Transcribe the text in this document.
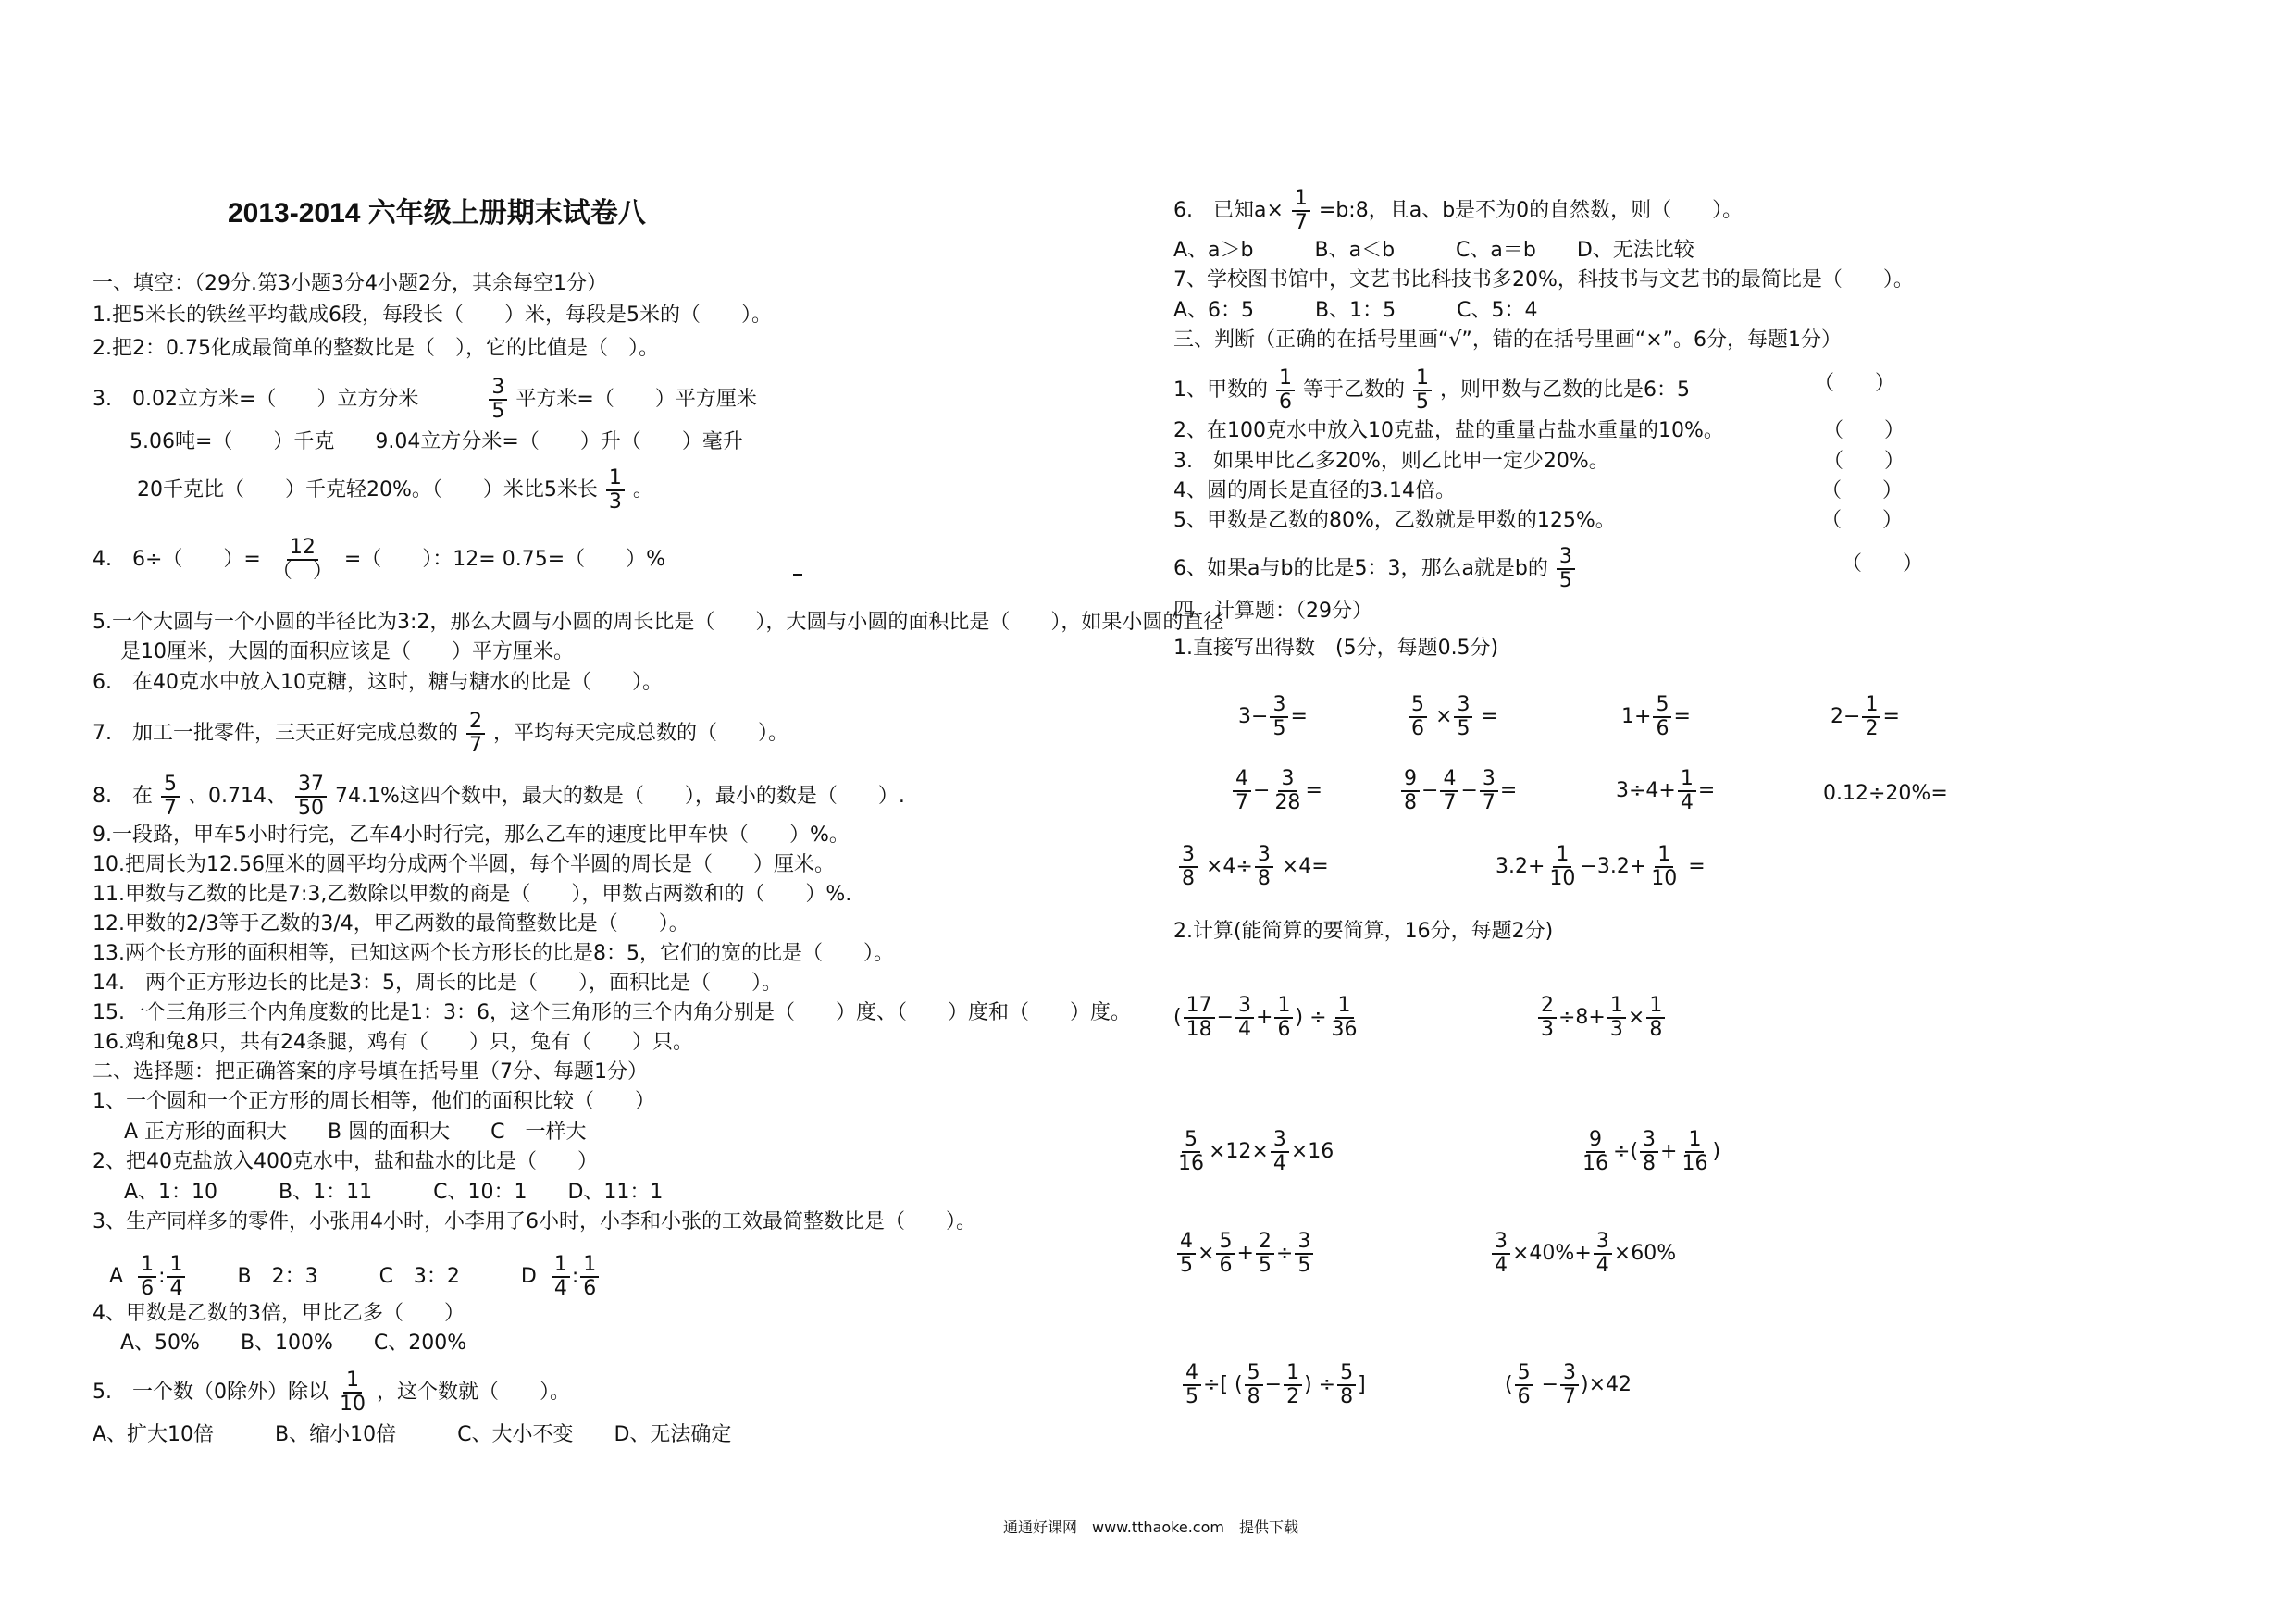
2013-2014 六年级上册期末试卷八
一、填空：（29分.第3小题3分4小题2分，其余每空1分）
1.把5米长的铁丝平均截成6段，每段长（　　）米，每段是5米的（　　）。
2.把2：0.75化成最简单的整数比是（　），它的比值是（　）。
3.　0.02立方米=（　　）立方分米	$\frac{3}{5}$ 平方米=（　　）平方厘米
5.06吨=（　　）千克　　9.04立方分米=（　　）升（　　）毫升
20千克比（　　）千克轻20%。（　　）米比5米长 $\frac{1}{3}$ 。
4.　6÷（　　）= $\frac{12}{( )}$ =（　　）：12= 0.75=（　　）%
5.一个大圆与一个小圆的半径比为3:2，那么大圆与小圆的周长比是（　　），大圆与小圆的面积比是（　　），如果小圆的直径
是10厘米，大圆的面积应该是（　　）平方厘米。
6.　在40克水中放入10克糖，这时，糖与糖水的比是（　　）。
7.　加工一批零件，三天正好完成总数的 $\frac{2}{7}$ ，平均每天完成总数的（　　）。
8.　在 $\frac{5}{7}$ 、0.714、 $\frac{37}{50} 74.1\%$这四个数中，最大的数是（　　），最小的数是（　　）.
9.一段路，甲车5小时行完，乙车4小时行完，那么乙车的速度比甲车快（　　）%。
10.把周长为12.56厘米的圆平均分成两个半圆，每个半圆的周长是（　　）厘米。
11.甲数与乙数的比是7:3,乙数除以甲数的商是（　　），甲数占两数和的（　　）%.
12.甲数的2/3等于乙数的3/4，甲乙两数的最简整数比是（　　）。
13.两个长方形的面积相等，已知这两个长方形长的比是8：5，它们的宽的比是（　　）。
14.　两个正方形边长的比是3：5，周长的比是（　　），面积比是（　　）。
15.一个三角形三个内角度数的比是1：3：6，这个三角形的三个内角分别是（　　）度、（　　）度和（　　）度。
16.鸡和兔8只，共有24条腿，鸡有（　　）只，兔有（　　）只。
二、选择题：把正确答案的序号填在括号里（7分、每题1分）
1、一个圆和一个正方形的周长相等，他们的面积比较（　　）
　A 正方形的面积大　　B 圆的面积大　　C　一样大
2、把40克盐放入400克水中，盐和盐水的比是（　　）
　A、1：10　　　B、1：11　　　C、10：1　　D、11：1
3、生产同样多的零件，小张用4小时，小李用了6小时，小李和小张的工效最简整数比是（　　）。
A $\frac{1}{6}$ : $\frac{1}{4}$	B　2：3　　　C　3：2　　　D $\frac{1}{4}$ : $\frac{1}{6}$
4、甲数是乙数的3倍，甲比乙多（　　）
　A、50%　　B、100%　　C、200%
5.　一个数（0除外）除以 $\frac{1}{10}$ ，这个数就（　　）。
A、扩大10倍　　　B、缩小10倍　　　C、大小不变　　D、无法确定
6.　已知$a\times \frac{1}{7}$ =b:8，且a、b是不为0的自然数，则（　　）。
A、a＞b　　　B、a＜b　　　C、a＝b　　D、无法比较
7、学校图书馆中，文艺书比科技书多20%，科技书与文艺书的最简比是（　　）。
A、6：5　　　B、1：5　　　C、5：4
三、判断（正确的在括号里画“√”，错的在括号里画“×”。6分，每题1分）
1、甲数的 $\frac{1}{6}$ 等于乙数的 $\frac{1}{5}$ ，则甲数与乙数的比是6：5	（　　）
2、在100克水中放入10克盐，盐的重量占盐水重量的10%。	（　　）
3.　如果甲比乙多20%，则乙比甲一定少20%。	（　　）
4、圆的周长是直径的3.14倍。	（　　）
5、甲数是乙数的80%，乙数就是甲数的125%。	（　　）
6、如果a与b的比是5：3，那么a就是b的 $\frac{3}{5}$	（　　）
四、计算题：（29分）
1.直接写出得数　(5分，每题0.5分)
$3- \frac{3}{5}$ =	$\frac{5}{6} \times \frac{3}{5}$ =	$1+ \frac{5}{6}$ =	$2- \frac{1}{2}$ =
$\frac{4}{7} - \frac{3}{28}$ =	$\frac{9}{8} - \frac{4}{7} - \frac{3}{7}$ =	$3\div 4+ \frac{1}{4}$ =	0.12÷20%=
$\frac{3}{8} \times 4\div \frac{3}{8} \times 4=$	$3.2+ \frac{1}{10} -3.2+ \frac{1}{10}$ =
2.计算(能简算的要简算，16分，每题2分)
( $\frac{17}{18} - \frac{3}{4} + \frac{1}{6}$ ) ÷ $\frac{1}{36}$	$\frac{2}{3} \div 8+ \frac{1}{3} \times \frac{1}{8}$
$\frac{5}{16} \times 12\times \frac{3}{4} \times 16$	$\frac{9}{16}$ ÷( $\frac{3}{8} + \frac{1}{16}$ )
$\frac{4}{5} \times \frac{5}{6} + \frac{2}{5} \div \frac{3}{5}$	$\frac{3}{4} \times 40\%+ \frac{3}{4} \times 60\%$
$\frac{4}{5}$ ÷[ ( $\frac{5}{8} - \frac{1}{2}$ ) ÷ $\frac{5}{8}$ ]	( $\frac{5}{6} - \frac{3}{7} )\times 42$
通通好课网　www.tthaoke.com　提供下载
